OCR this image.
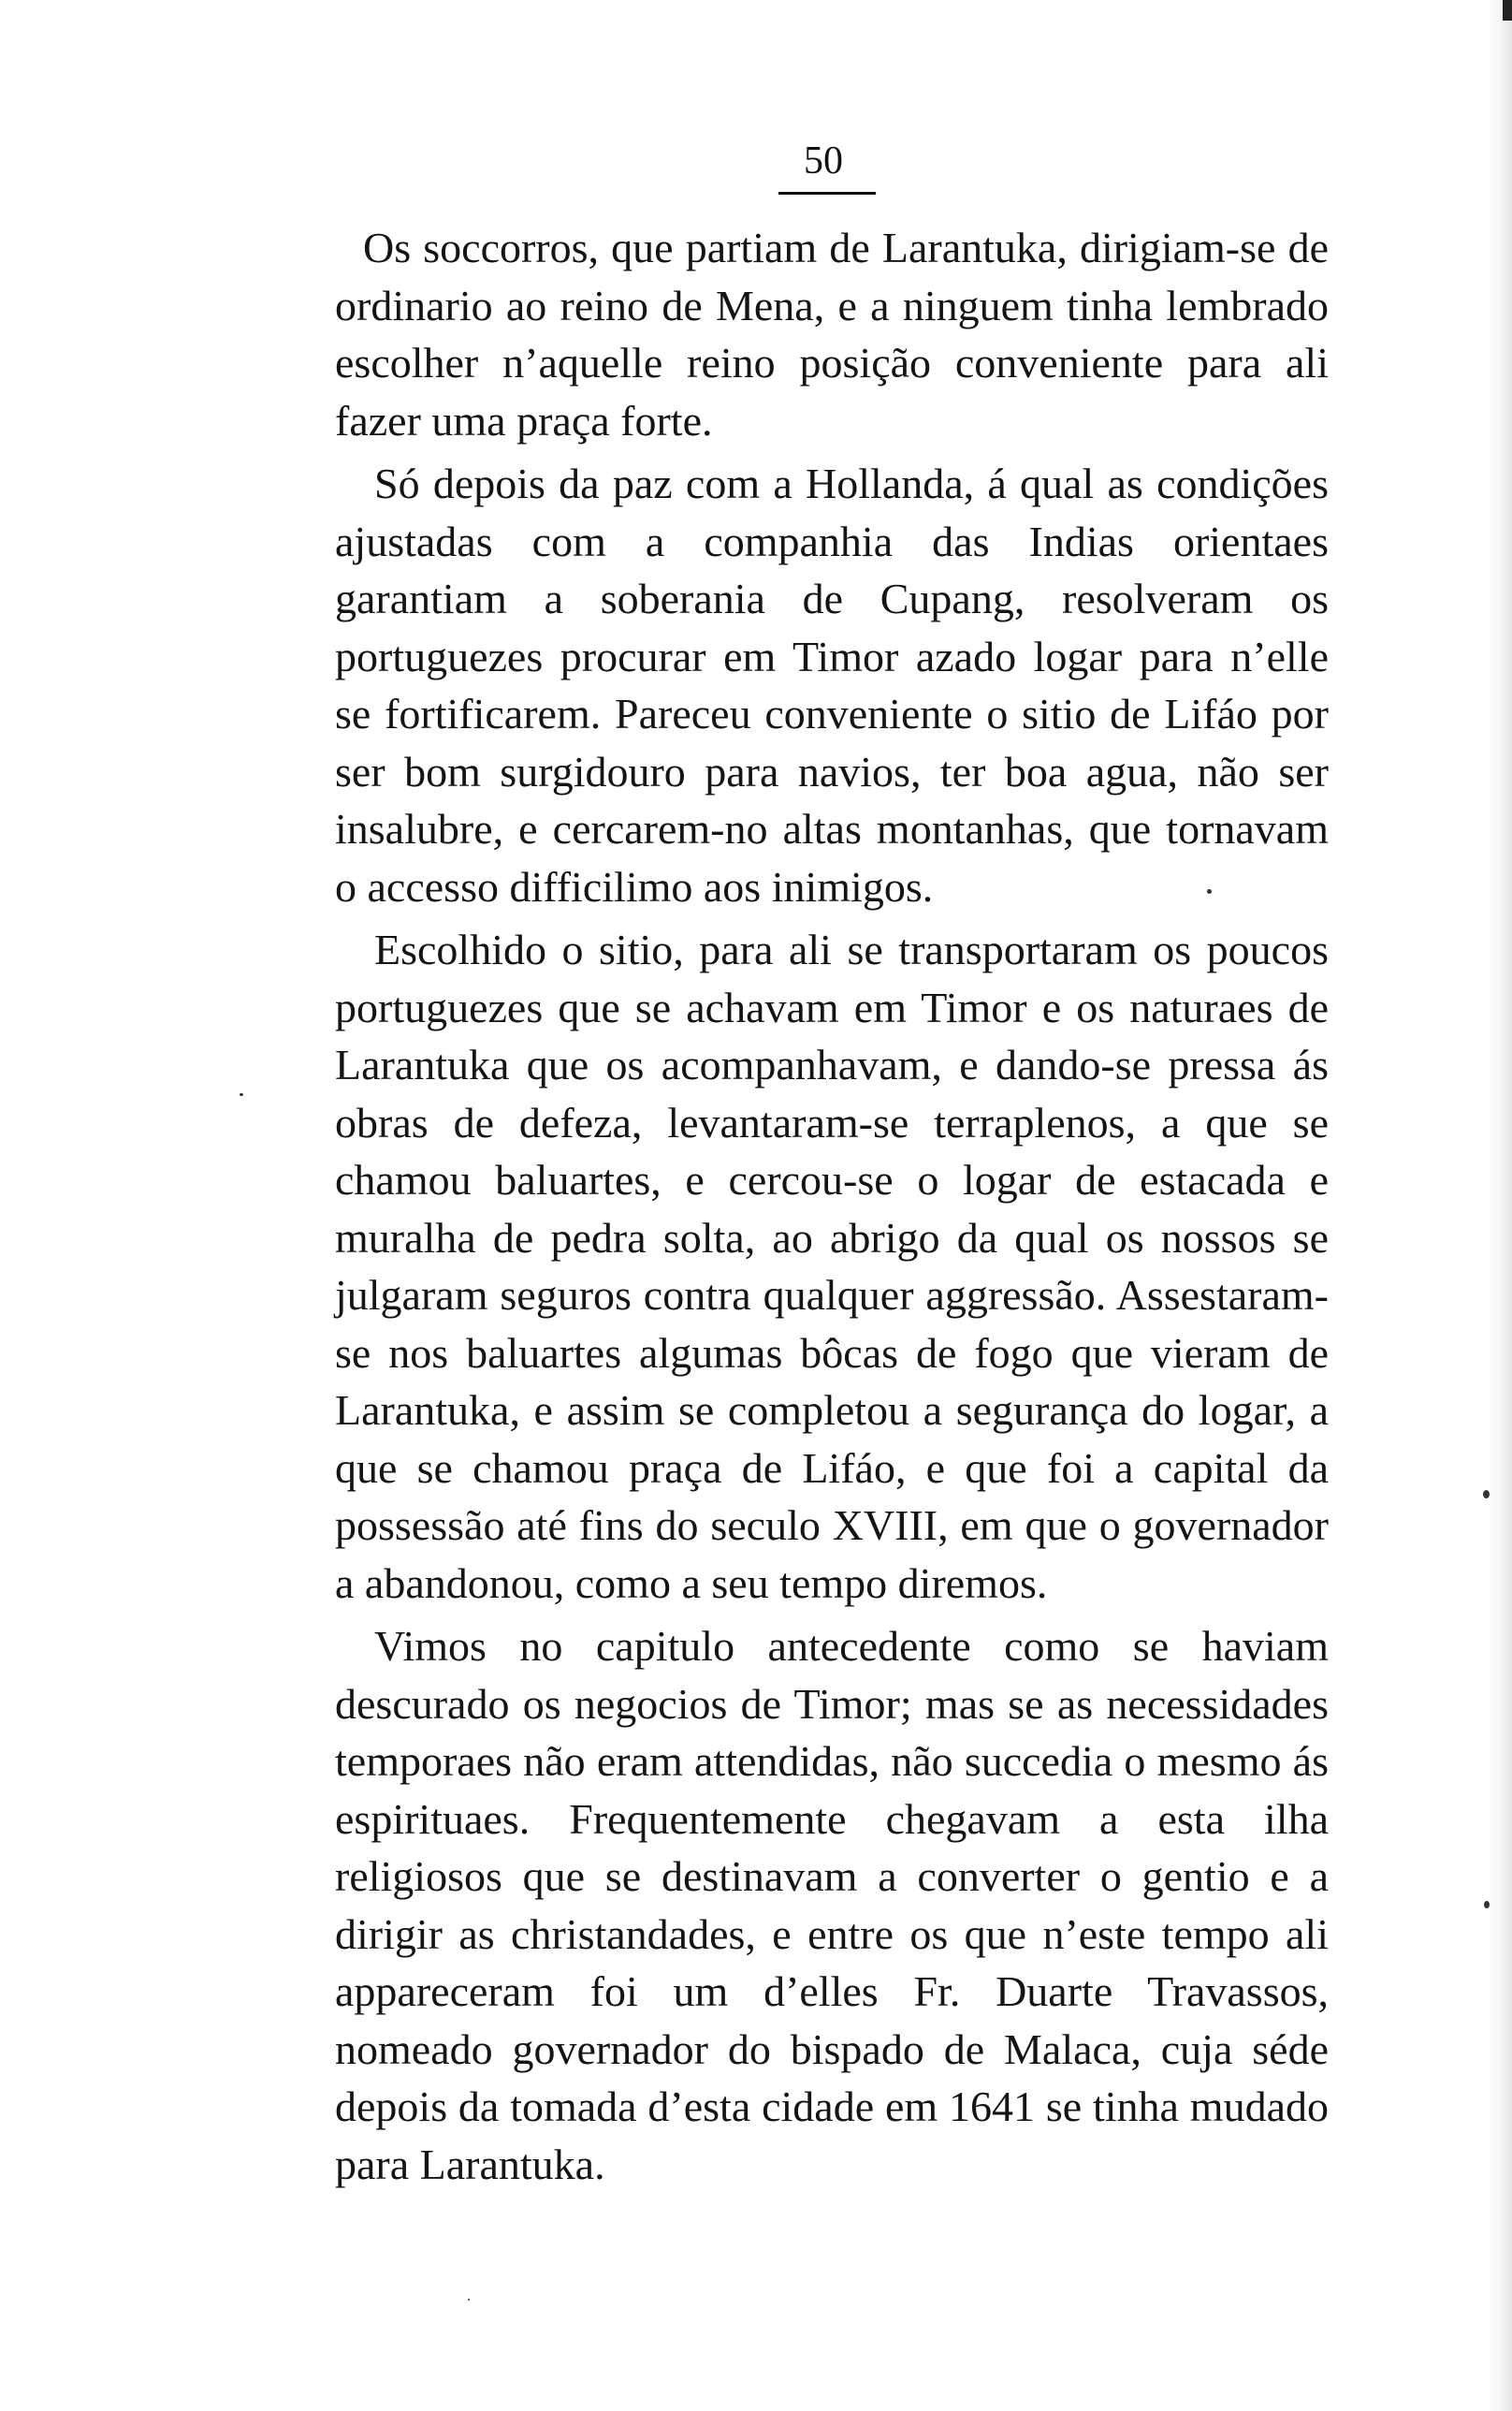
50

Os soccorros, que partiam de Larantuka, dirigiam-se de ordinario ao reino de Mena, e a ninguem tinha lembrado escolher n’aquelle reino posição conveniente para ali fazer uma praça forte.

Só depois da paz com a Hollanda, á qual as condições ajustadas com a companhia das Indias orientaes garantiam a soberania de Cupang, resolveram os portuguezes procurar em Timor azado logar para n’elle se fortificarem. Pareceu conveniente o sitio de Lifáo por ser bom surgidouro para navios, ter boa agua, não ser insalubre, e cercarem-no altas montanhas, que tornavam o accesso difficilimo aos inimigos.

Escolhido o sitio, para ali se transportaram os poucos portuguezes que se achavam em Timor e os naturaes de Larantuka que os acompanhavam, e dando-se pressa ás obras de defeza, levantaram-se terraplenos, a que se chamou baluartes, e cercou-se o logar de estacada e muralha de pedra solta, ao abrigo da qual os nossos se julgaram seguros contra qualquer aggressão. Assestaram-se nos baluartes algumas bôcas de fogo que vieram de Larantuka, e assim se completou a segurança do logar, a que se chamou praça de Lifáo, e que foi a capital da possessão até fins do seculo XVIII, em que o governador a abandonou, como a seu tempo diremos.

Vimos no capitulo antecedente como se haviam descurado os negocios de Timor; mas se as necessidades temporaes não eram attendidas, não succedia o mesmo ás espirituaes. Frequentemente chegavam a esta ilha religiosos que se destinavam a converter o gentio e a dirigir as christandades, e entre os que n’este tempo ali appareceram foi um d’elles Fr. Duarte Travassos, nomeado governador do bispado de Malaca, cuja séde depois da tomada d’esta cidade em 1641 se tinha mudado para Larantuka.
